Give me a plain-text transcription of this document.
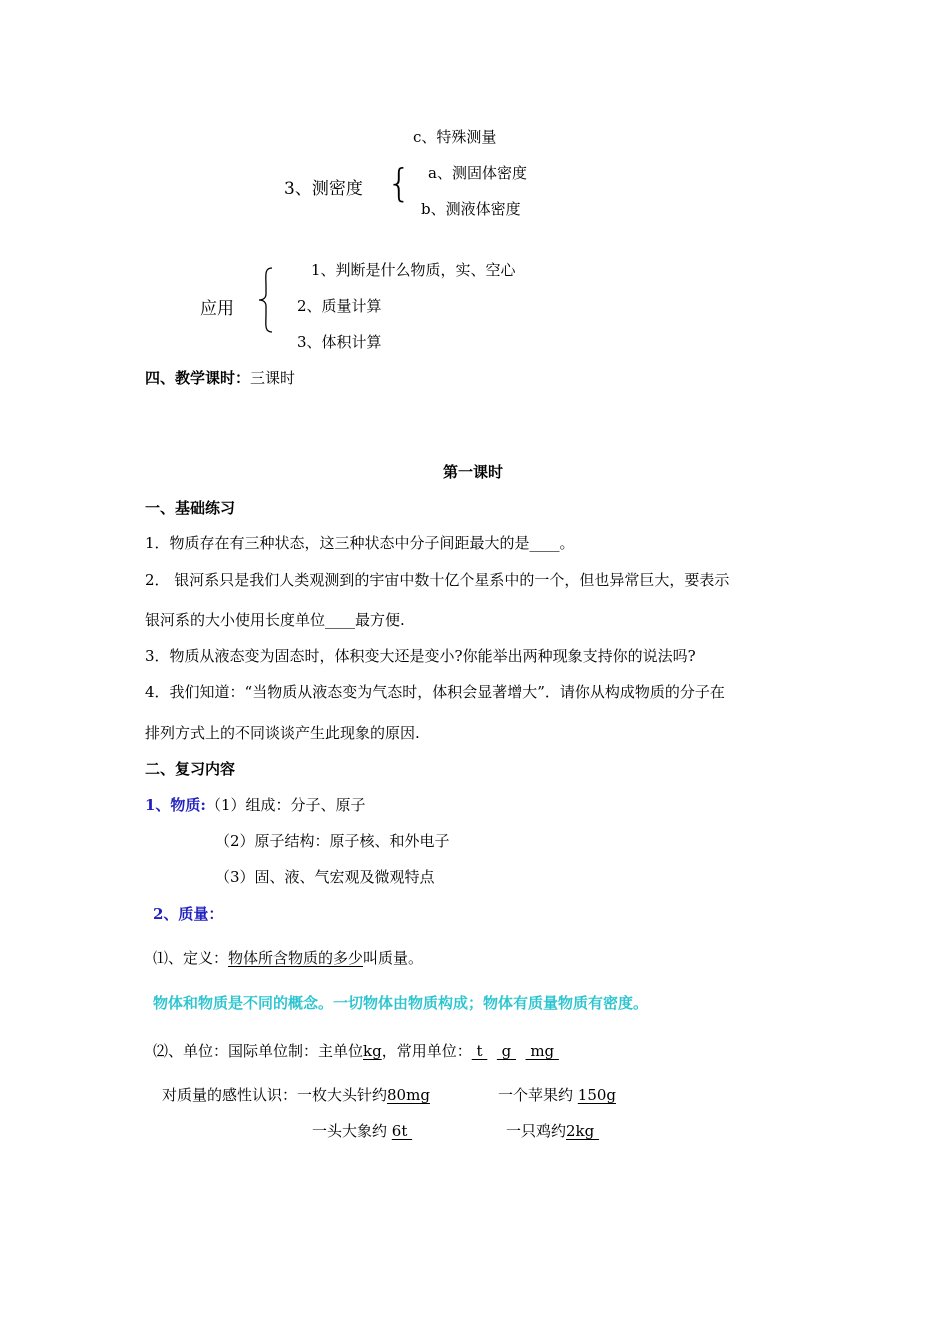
c、特殊测量
3、测密度 { a、测固体密度
b、测液体密度
应用
1、判断是什么物质，实、空心
2、质量计算
3、体积计算
四、教学课时：三课时
第一课时
一、基础练习
1．物质存在有三种状态，这三种状态中分子间距最大的是____。
2． 银河系只是我们人类观测到的宇宙中数十亿个星系中的一个，但也异常巨大，要表示
银河系的大小使用长度单位____最方便.
3．物质从液态变为固态时，体积变大还是变小?你能举出两种现象支持你的说法吗?
4．我们知道：“当物质从液态变为气态时，体积会显著增大”．请你从构成物质的分子在
排列方式上的不同谈谈产生此现象的原因.
二、复习内容
1、物质:（1）组成：分子、原子
（2）原子结构：原子核、和外电子
（3）固、液、气宏观及微观特点
2、质量：
⑴、定义：物体所含物质的多少叫质量。
物体和物质是不同的概念。一切物体由物质构成；物体有质量物质有密度。
⑵、单位：国际单位制：主单位kg，常用单位： t    g    mg
对质量的感性认识：一枚大头针约80mg	一个苹果约 150g
一头大象约 6t	一只鸡约2kg
